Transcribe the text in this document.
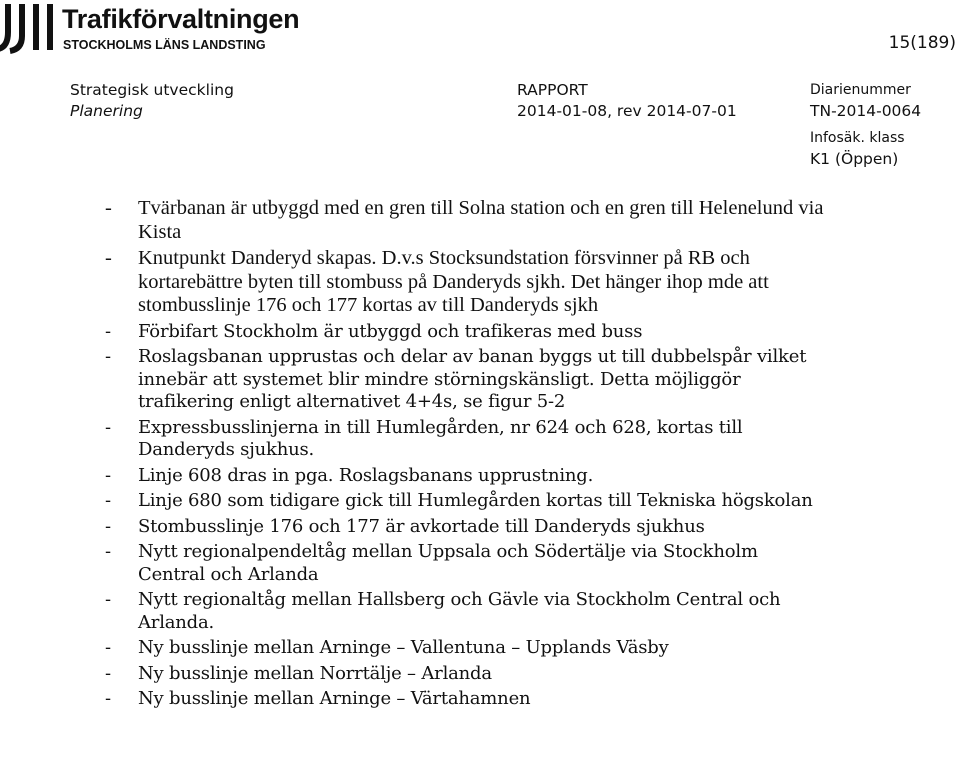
Trafikförvaltningen
STOCKHOLMS LÄNS LANDSTING	15(189)
Strategisk utveckling
Planering
RAPPORT
2014-01-08, rev 2014-07-01
Diarienummer
TN-2014-0064
Infosäk. klass
K1 (Öppen)

- Tvärbanan är utbyggd med en gren till Solna station och en gren till Helenelund via Kista

- Knutpunkt Danderyd skapas. D.v.s Stocksundstation försvinner på RB och kortarebättre byten till stombuss på Danderyds sjkh. Det hänger ihop mde att stombusslinje 176 och 177 kortas av till Danderyds sjkh

- Förbifart Stockholm är utbyggd och trafikeras med buss

- Roslagsbanan upprustas och delar av banan byggs ut till dubbelspår vilket innebär att systemet blir mindre störningskänsligt. Detta möjliggör trafikering enligt alternativet 4+4s, se figur 5-2

- Expressbusslinjerna in till Humlegården, nr 624 och 628, kortas till Danderyds sjukhus.

- Linje 608 dras in pga. Roslagsbanans upprustning.

- Linje 680 som tidigare gick till Humlegården kortas till Tekniska högskolan

- Stombusslinje 176 och 177 är avkortade till Danderyds sjukhus

- Nytt regionalpendeltåg mellan Uppsala och Södertälje via Stockholm Central och Arlanda

- Nytt regionaltåg mellan Hallsberg och Gävle via Stockholm Central och Arlanda.

- Ny busslinje mellan Arninge – Vallentuna – Upplands Väsby

- Ny busslinje mellan Norrtälje – Arlanda

- Ny busslinje mellan Arninge – Värtahamnen
